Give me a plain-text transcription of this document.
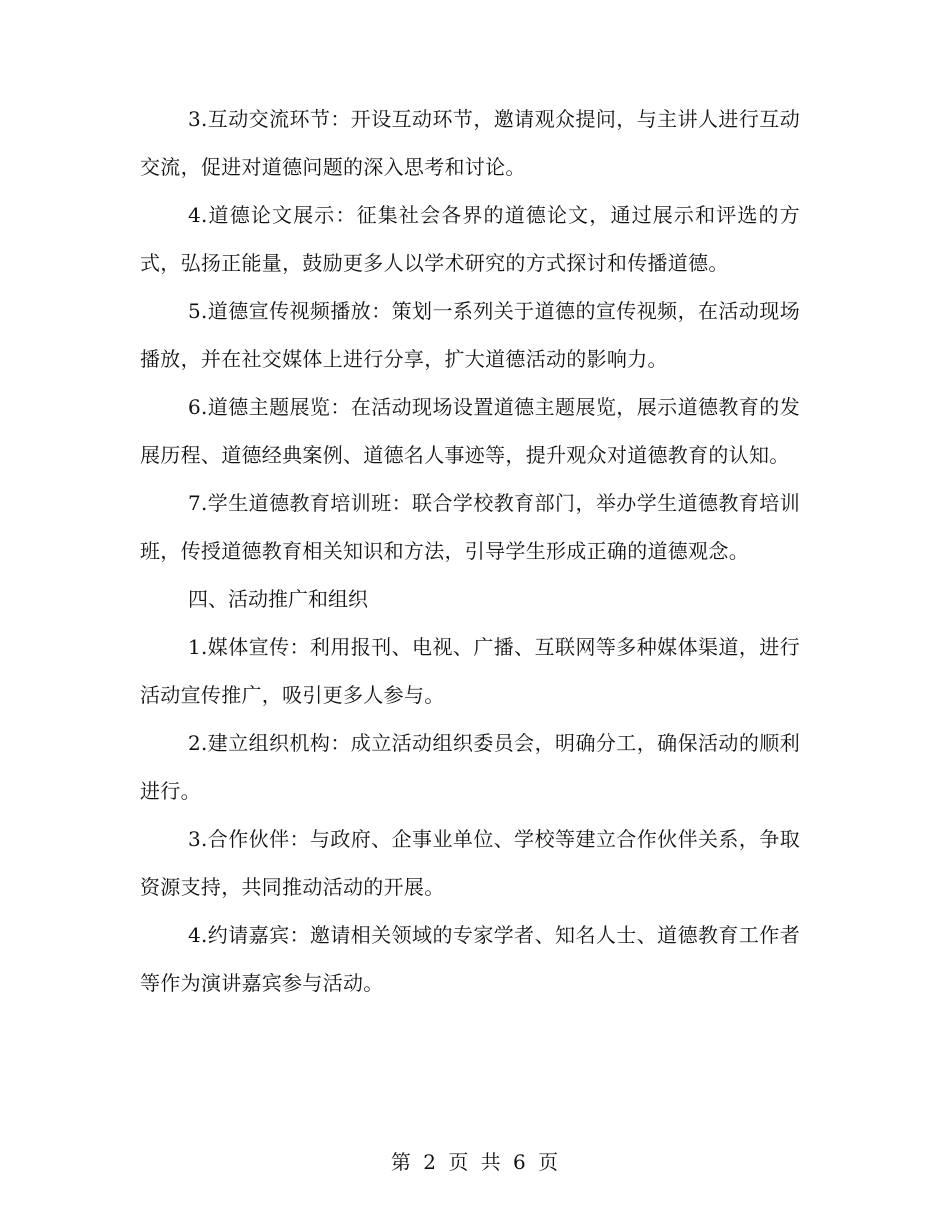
3.互动交流环节：开设互动环节，邀请观众提问，与主讲人进行互动交流，促进对道德问题的深入思考和讨论。

4.道德论文展示：征集社会各界的道德论文，通过展示和评选的方式，弘扬正能量，鼓励更多人以学术研究的方式探讨和传播道德。

5.道德宣传视频播放：策划一系列关于道德的宣传视频，在活动现场播放，并在社交媒体上进行分享，扩大道德活动的影响力。

6.道德主题展览：在活动现场设置道德主题展览，展示道德教育的发展历程、道德经典案例、道德名人事迹等，提升观众对道德教育的认知。

7.学生道德教育培训班：联合学校教育部门，举办学生道德教育培训班，传授道德教育相关知识和方法，引导学生形成正确的道德观念。

四、活动推广和组织

1.媒体宣传：利用报刊、电视、广播、互联网等多种媒体渠道，进行活动宣传推广，吸引更多人参与。

2.建立组织机构：成立活动组织委员会，明确分工，确保活动的顺利进行。

3.合作伙伴：与政府、企事业单位、学校等建立合作伙伴关系，争取资源支持，共同推动活动的开展。

4.约请嘉宾：邀请相关领域的专家学者、知名人士、道德教育工作者等作为演讲嘉宾参与活动。

第 2 页 共 6 页
